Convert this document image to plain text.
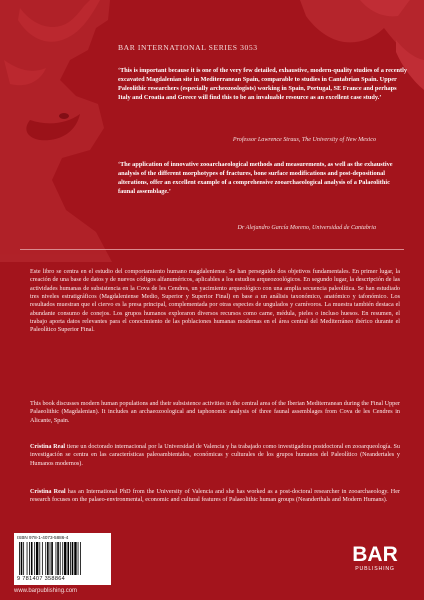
BAR INTERNATIONAL SERIES 3053
‘This is important because it is one of the very few detailed, exhaustive, modern-quality studies of a recently excavated Magdalenian site in Mediterranean Spain, comparable to studies in Cantabrian Spain. Upper Paleolithic researchers (especially archeozoologists) working in Spain, Portugal, SE France and perhaps Italy and Croatia and Greece will find this to be an invaluable resource as an excellent case study.’
Professor Lawrence Straus, The University of New Mexico
‘The application of innovative zooarchaeological methods and measurements, as well as the exhaustive analysis of the different morphotypes of fractures, bone surface modifications and post-depositional alterations, offer an excellent example of a comprehensive zooarchaeological analysis of a Palaeolithic faunal assemblage.’
Dr Alejandro García Moreno, Universidad de Cantabria
Este libro se centra en el estudio del comportamiento humano magdaleniense. Se han perseguido dos objetivos fundamentales. En primer lugar, la creación de una base de datos y de nuevos códigos alfanuméricos, aplicables a los estudios arqueozoológicos. En segundo lugar, la descripción de las actividades humanas de subsistencia en la Cova de les Cendres, un yacimiento arqueológico con una amplia secuencia paleolítica. Se han estudiado tres niveles estratigráficos (Magdaleniense Medio, Superior y Superior Final) en base a un análisis taxonómico, anatómico y tafonómico. Los resultados muestran que el ciervo es la presa principal, complementada por otras especies de ungulados y carnívoros. La muestra también destaca el abundante consumo de conejos. Los grupos humanos exploraron diversos recursos como carne, médula, pieles o incluso huesos. En resumen, el trabajo aporta datos relevantes para el conocimiento de las poblaciones humanas modernas en el área central del Mediterráneo ibérico durante el Paleolítico Superior Final.
This book discusses modern human populations and their subsistence activities in the central area of the Iberian Mediterranean during the Final Upper Palaeolithic (Magdalenian). It includes an archaeozoological and taphonomic analysis of three faunal assemblages from Cova de les Cendres in Alicante, Spain.
Cristina Real tiene un doctorado internacional por la Universidad de Valencia y ha trabajado como investigadora postdoctoral en zooarqueología. Su investigación se centra en las características paleoambientales, económicas y culturales de los grupos humanos del Paleolítico (Neandertales y Humanos modernos).
Cristina Real has an International PhD from the University of Valencia and she has worked as a post-doctoral researcher in zooarchaeology. Her research focuses on the palaeo-environmental, economic and cultural features of Palaeolithic human groups (Neanderthals and Modern Humans).
ISBN 978-1-4073-5886-4
9 781407 358864
www.barpublishing.com
BAR
PUBLISHING
